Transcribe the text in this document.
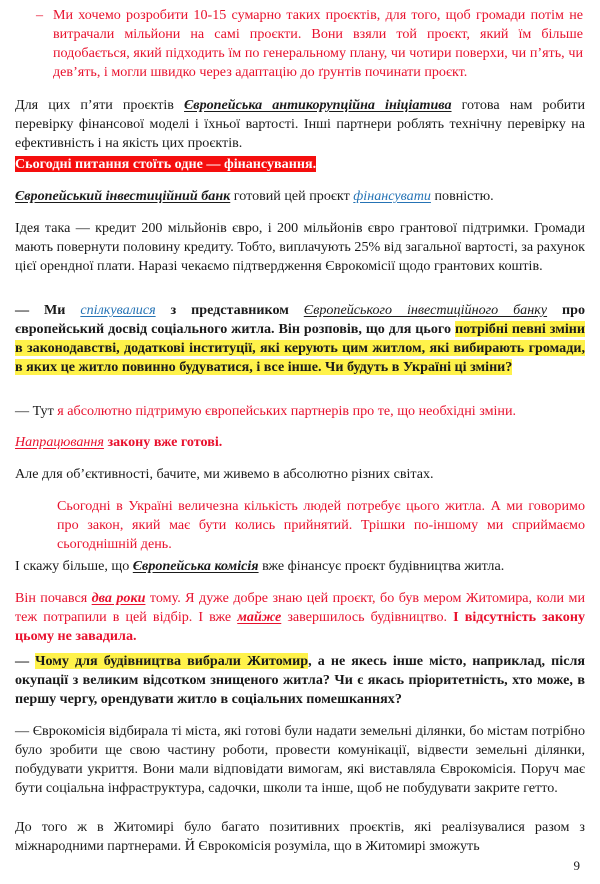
– Ми хочемо розробити 10-15 сумарно таких проєктів, для того, щоб громади потім не витрачали мільйони на самі проєкти. Вони взяли той проєкт, який їм більше подобається, який підходить їм по генеральному плану, чи чотири поверхи, чи п’ять, чи дев’ять, і могли швидко через адаптацію до ґрунтів починати проєкт.

Для цих п’яти проєктів Європейська антикорупційна ініціатива готова нам робити перевірку фінансової моделі і їхньої вартості. Інші партнери роблять технічну перевірку на ефективність і на якість цих проєктів.

Сьогодні питання стоїть одне — фінансування.

Європейський інвестиційний банк готовий цей проєкт фінансувати повністю.

Ідея така — кредит 200 мільйонів євро, і 200 мільйонів євро грантової підтримки. Громади мають повернути половину кредиту. Тобто, виплачують 25% від загальної вартості, за рахунок цієї орендної плати. Наразі чекаємо підтвердження Єврокомісії щодо грантових коштів.

— Ми спілкувалися з представником Європейського інвестиційного банку про європейський досвід соціального житла. Він розповів, що для цього потрібні певні зміни в законодавстві, додаткові інституції, які керують цим житлом, які вибирають громади, в яких це житло повинно будуватися, і все інше. Чи будуть в Україні ці зміни?

— Тут я абсолютно підтримую європейських партнерів про те, що необхідні зміни.

Напрацювання закону вже готові.

Але для об’єктивності, бачите, ми живемо в абсолютно різних світах.

Сьогодні в Україні величезна кількість людей потребує цього житла. А ми говоримо про закон, який має бути колись прийнятий. Трішки по-іншому ми сприймаємо сьогоднішній день.

І скажу більше, що Європейська комісія вже фінансує проєкт будівництва житла.

Він почався два роки тому. Я дуже добре знаю цей проєкт, бо був мером Житомира, коли ми теж потрапили в цей відбір. І вже майже завершилось будівництво. І відсутність закону цьому не завадила.

— Чому для будівництва вибрали Житомир, а не якесь інше місто, наприклад, після окупації з великим відсотком знищеного житла? Чи є якась пріоритетність, хто може, в першу чергу, орендувати житло в соціальних помешканнях?

— Єврокомісія відбирала ті міста, які готові були надати земельні ділянки, бо містам потрібно було зробити ще свою частину роботи, провести комунікації, відвести земельні ділянки, побудувати укриття. Вони мали відповідати вимогам, які виставляла Єврокомісія. Поруч має бути соціальна інфраструктура, садочки, школи та інше, щоб не побудувати закрите гетто.

До того ж в Житомирі було багато позитивних проєктів, які реалізувалися разом з міжнародними партнерами. Й Єврокомісія розуміла, що в Житомирі зможуть

9
